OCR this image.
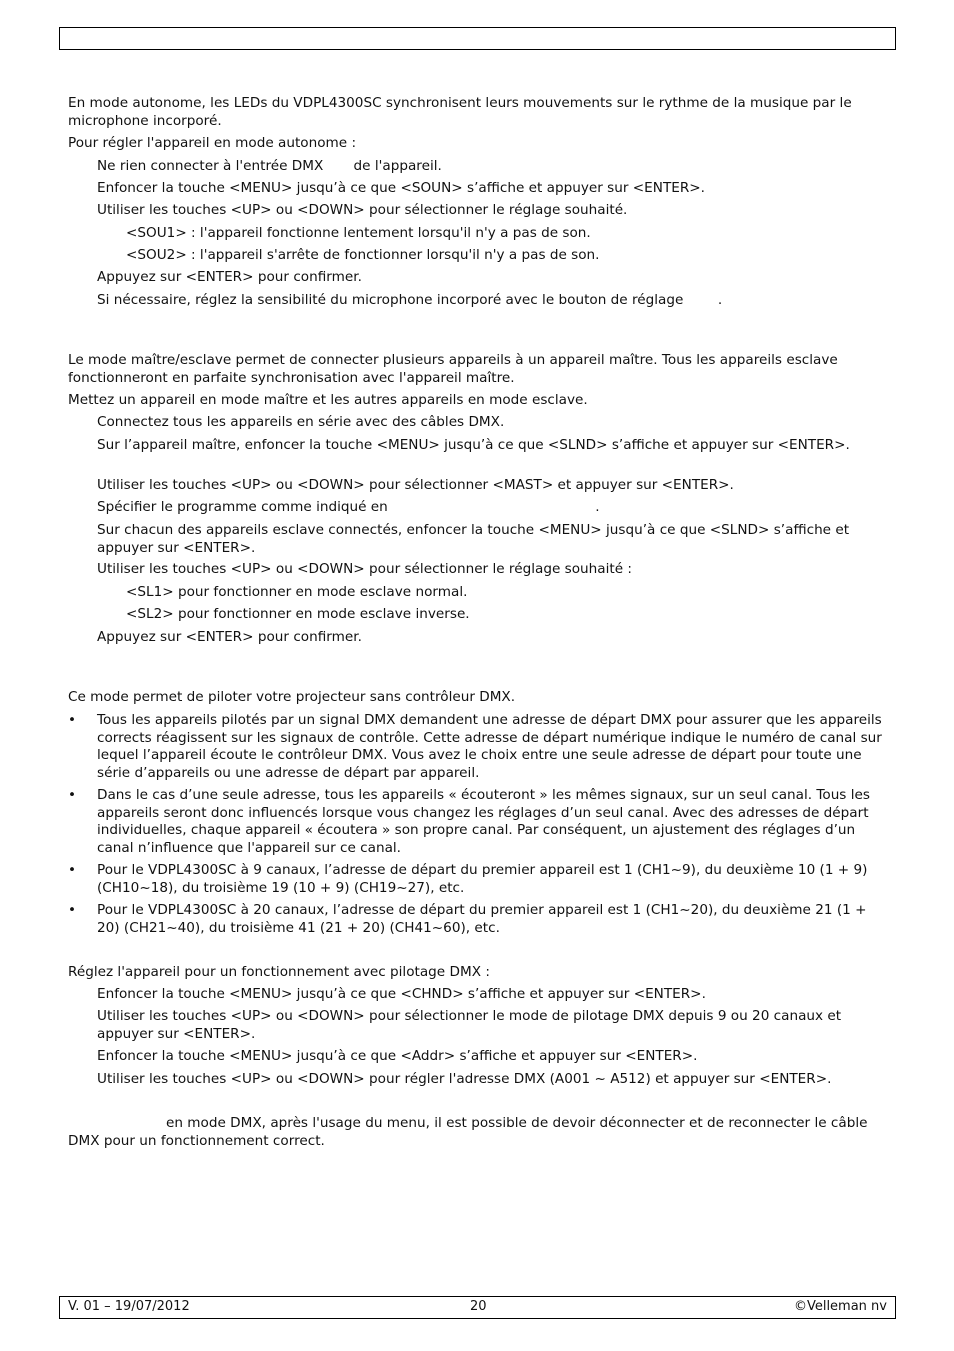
En mode autonome, les LEDs du VDPL4300SC synchronisent leurs mouvements sur le rythme de la musique par le microphone incorporé.

Pour régler l'appareil en mode autonome :

Ne rien connecter à l'entrée DMX       de l'appareil.

Enfoncer la touche <MENU> jusqu’à ce que <SOUN> s’affiche et appuyer sur <ENTER>.

Utiliser les touches <UP> ou <DOWN> pour sélectionner le réglage souhaité.

<SOU1> : l'appareil fonctionne lentement lorsqu'il n'y a pas de son.

<SOU2> : l'appareil s'arrête de fonctionner lorsqu'il n'y a pas de son.

Appuyez sur <ENTER> pour confirmer.

Si nécessaire, réglez la sensibilité du microphone incorporé avec le bouton de réglage        .

Le mode maître/esclave permet de connecter plusieurs appareils à un appareil maître. Tous les appareils esclave fonctionneront en parfaite synchronisation avec l'appareil maître.

Mettez un appareil en mode maître et les autres appareils en mode esclave.

Connectez tous les appareils en série avec des câbles DMX.

Sur l’appareil maître, enfoncer la touche <MENU> jusqu’à ce que <SLND> s’affiche et appuyer sur <ENTER>.

Utiliser les touches <UP> ou <DOWN> pour sélectionner <MAST> et appuyer sur <ENTER>.

Spécifier le programme comme indiqué en                                                .

Sur chacun des appareils esclave connectés, enfoncer la touche <MENU> jusqu’à ce que <SLND> s’affiche et appuyer sur <ENTER>.

Utiliser les touches <UP> ou <DOWN> pour sélectionner le réglage souhaité :

<SL1> pour fonctionner en mode esclave normal.

<SL2> pour fonctionner en mode esclave inverse.

Appuyez sur <ENTER> pour confirmer.

Ce mode permet de piloter votre projecteur sans contrôleur DMX.

• Tous les appareils pilotés par un signal DMX demandent une adresse de départ DMX pour assurer que les appareils corrects réagissent sur les signaux de contrôle. Cette adresse de départ numérique indique le numéro de canal sur lequel l’appareil écoute le contrôleur DMX. Vous avez le choix entre une seule adresse de départ pour toute une série d’appareils ou une adresse de départ par appareil.

• Dans le cas d’une seule adresse, tous les appareils « écouteront » les mêmes signaux, sur un seul canal. Tous les appareils seront donc influencés lorsque vous changez les réglages d’un seul canal. Avec des adresses de départ individuelles, chaque appareil « écoutera » son propre canal. Par conséquent, un ajustement des réglages d’un canal n’influence que l'appareil sur ce canal.

• Pour le VDPL4300SC à 9 canaux, l’adresse de départ du premier appareil est 1 (CH1~9), du deuxième 10 (1 + 9) (CH10~18), du troisième 19 (10 + 9) (CH19~27), etc.

• Pour le VDPL4300SC à 20 canaux, l’adresse de départ du premier appareil est 1 (CH1~20), du deuxième 21 (1 + 20) (CH21~40), du troisième 41 (21 + 20) (CH41~60), etc.

Réglez l'appareil pour un fonctionnement avec pilotage DMX :

Enfoncer la touche <MENU> jusqu’à ce que <CHND> s’affiche et appuyer sur <ENTER>.

Utiliser les touches <UP> ou <DOWN> pour sélectionner le mode de pilotage DMX depuis 9 ou 20 canaux et appuyer sur <ENTER>.

Enfoncer la touche <MENU> jusqu’à ce que <Addr> s’affiche et appuyer sur <ENTER>.

Utiliser les touches <UP> ou <DOWN> pour régler l'adresse DMX (A001 ~ A512) et appuyer sur <ENTER>.

en mode DMX, après l'usage du menu, il est possible de devoir déconnecter et de reconnecter le câble DMX pour un fonctionnement correct.

V. 01 – 19/07/2012	20	©Velleman nv
